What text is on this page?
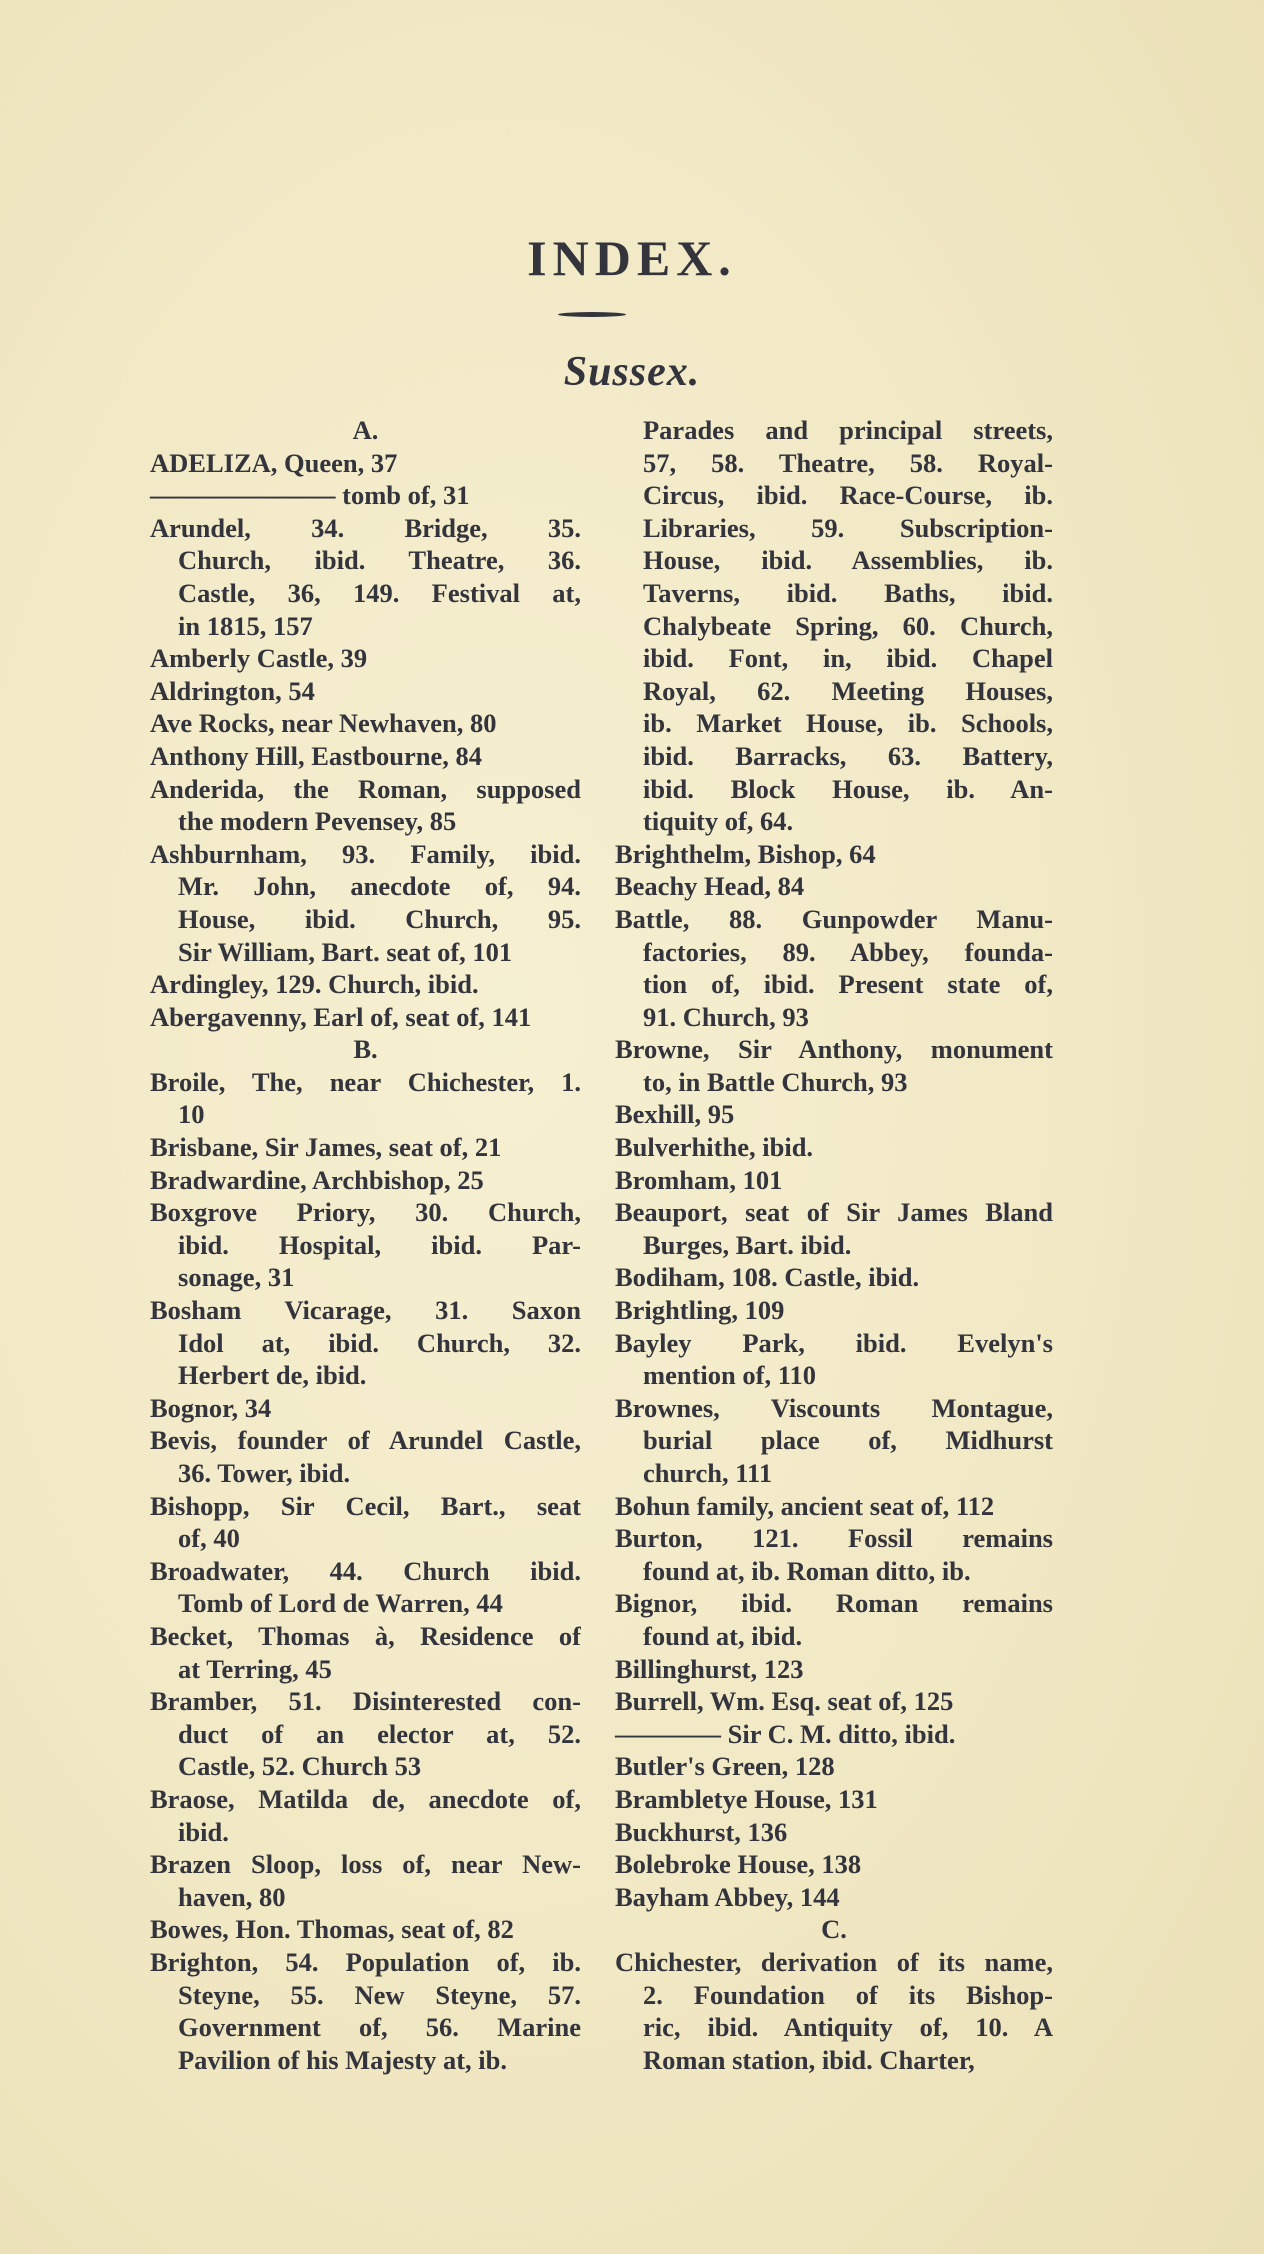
INDEX.
Sussex.
A.
ADELIZA, Queen, 37
——————— tomb of, 31
Arundel, 34. Bridge, 35.
Church, ibid. Theatre, 36.
Castle, 36, 149. Festival at,
in 1815, 157
Amberly Castle, 39
Aldrington, 54
Ave Rocks, near Newhaven, 80
Anthony Hill, Eastbourne, 84
Anderida, the Roman, supposed
the modern Pevensey, 85
Ashburnham, 93. Family, ibid.
Mr. John, anecdote of, 94.
House, ibid. Church, 95.
Sir William, Bart. seat of, 101
Ardingley, 129. Church, ibid.
Abergavenny, Earl of, seat of, 141
B.
Broile, The, near Chichester, 1.
10
Brisbane, Sir James, seat of, 21
Bradwardine, Archbishop, 25
Boxgrove Priory, 30. Church,
ibid. Hospital, ibid. Par-
sonage, 31
Bosham Vicarage, 31. Saxon
Idol at, ibid. Church, 32.
Herbert de, ibid.
Bognor, 34
Bevis, founder of Arundel Castle,
36. Tower, ibid.
Bishopp, Sir Cecil, Bart., seat
of, 40
Broadwater, 44. Church ibid.
Tomb of Lord de Warren, 44
Becket, Thomas à, Residence of
at Terring, 45
Bramber, 51. Disinterested con-
duct of an elector at, 52.
Castle, 52. Church 53
Braose, Matilda de, anecdote of,
ibid.
Brazen Sloop, loss of, near New-
haven, 80
Bowes, Hon. Thomas, seat of, 82
Brighton, 54. Population of, ib.
Steyne, 55. New Steyne, 57.
Government of, 56. Marine
Pavilion of his Majesty at, ib.
Parades and principal streets,
57, 58. Theatre, 58. Royal-
Circus, ibid. Race-Course, ib.
Libraries, 59. Subscription-
House, ibid. Assemblies, ib.
Taverns, ibid. Baths, ibid.
Chalybeate Spring, 60. Church,
ibid. Font, in, ibid. Chapel
Royal, 62. Meeting Houses,
ib. Market House, ib. Schools,
ibid. Barracks, 63. Battery,
ibid. Block House, ib. An-
tiquity of, 64.
Brighthelm, Bishop, 64
Beachy Head, 84
Battle, 88. Gunpowder Manu-
factories, 89. Abbey, founda-
tion of, ibid. Present state of,
91. Church, 93
Browne, Sir Anthony, monument
to, in Battle Church, 93
Bexhill, 95
Bulverhithe, ibid.
Bromham, 101
Beauport, seat of Sir James Bland
Burges, Bart. ibid.
Bodiham, 108. Castle, ibid.
Brightling, 109
Bayley Park, ibid. Evelyn's
mention of, 110
Brownes, Viscounts Montague,
burial place of, Midhurst
church, 111
Bohun family, ancient seat of, 112
Burton, 121. Fossil remains
found at, ib. Roman ditto, ib.
Bignor, ibid. Roman remains
found at, ibid.
Billinghurst, 123
Burrell, Wm. Esq. seat of, 125
———— Sir C. M. ditto, ibid.
Butler's Green, 128
Brambletye House, 131
Buckhurst, 136
Bolebroke House, 138
Bayham Abbey, 144
C.
Chichester, derivation of its name,
2. Foundation of its Bishop-
ric, ibid. Antiquity of, 10. A
Roman station, ibid. Charter,
